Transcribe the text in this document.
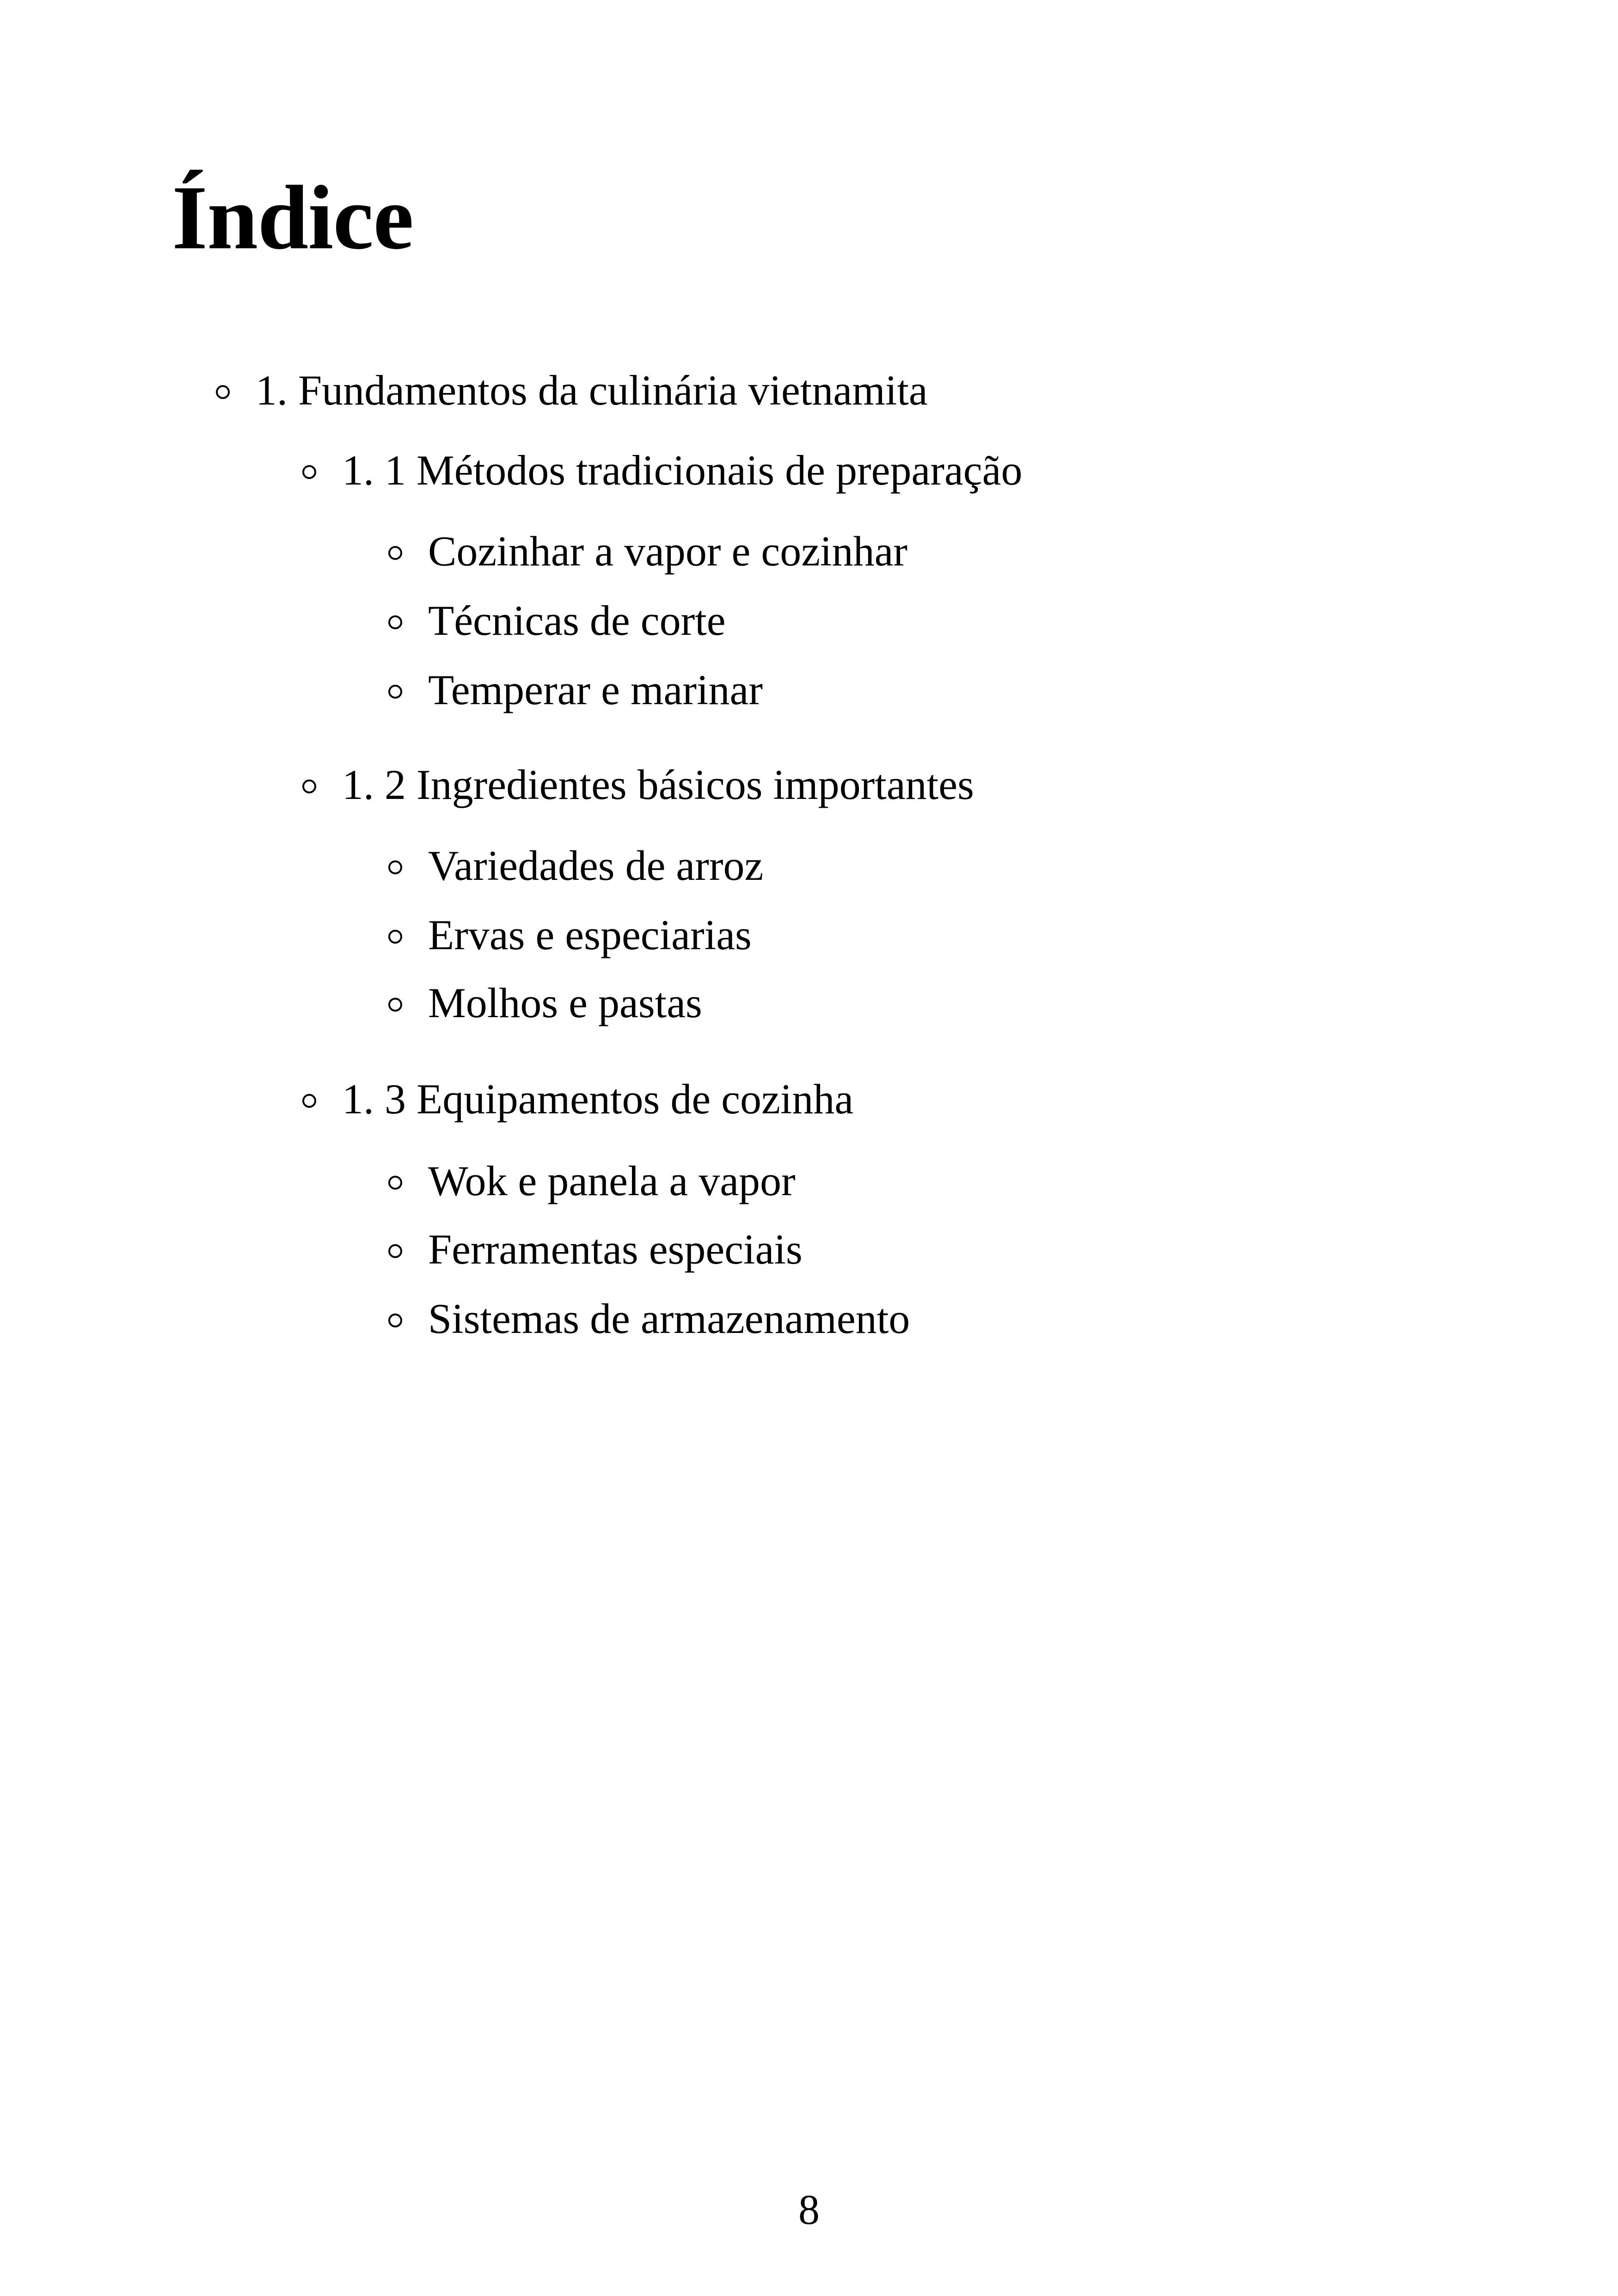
Índice
1. Fundamentos da culinária vietnamita
1. 1 Métodos tradicionais de preparação
Cozinhar a vapor e cozinhar
Técnicas de corte
Temperar e marinar
1. 2 Ingredientes básicos importantes
Variedades de arroz
Ervas e especiarias
Molhos e pastas
1. 3 Equipamentos de cozinha
Wok e panela a vapor
Ferramentas especiais
Sistemas de armazenamento
8
